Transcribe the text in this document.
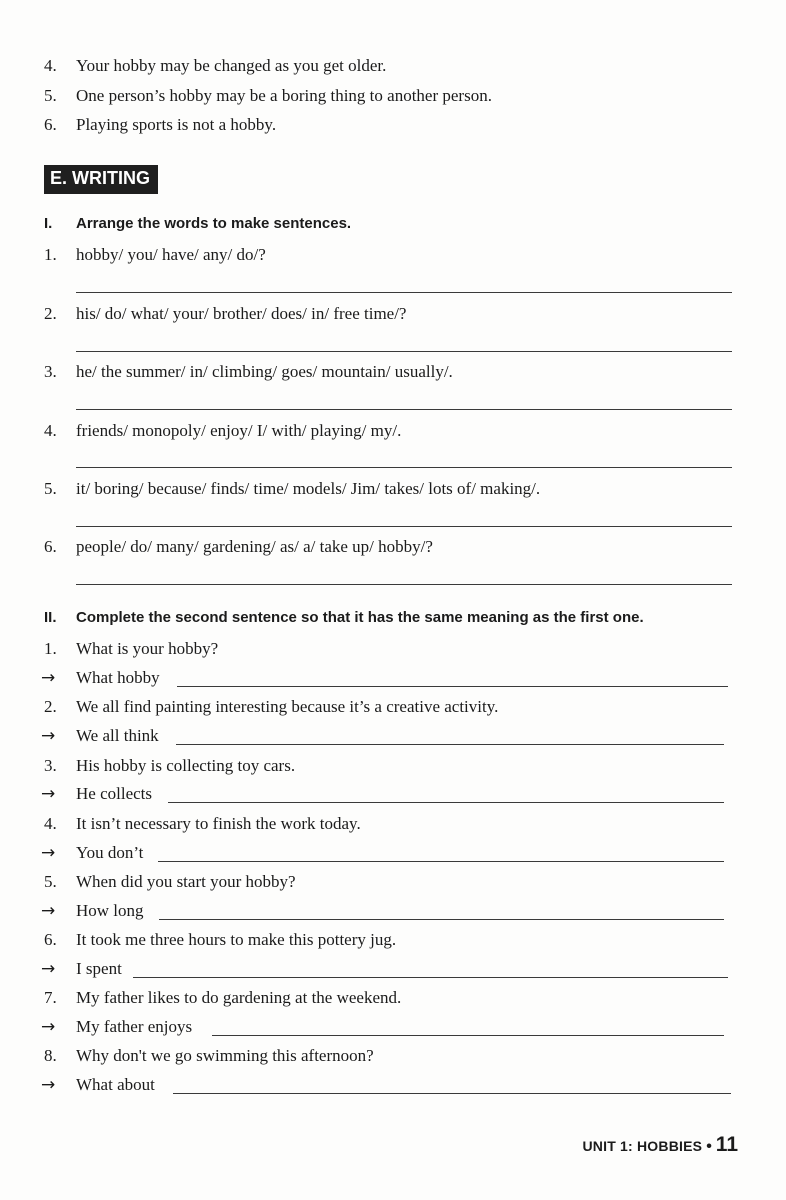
4. Your hobby may be changed as you get older.
5. One person’s hobby may be a boring thing to another person.
6. Playing sports is not a hobby.
E. WRITING
I. Arrange the words to make sentences.
1. hobby/ you/ have/ any/ do/?
2. his/ do/ what/ your/ brother/ does/ in/ free time/?
3. he/ the summer/ in/ climbing/ goes/ mountain/ usually/.
4. friends/ monopoly/ enjoy/ I/ with/ playing/ my/.
5. it/ boring/ because/ finds/ time/ models/ Jim/ takes/ lots of/ making/.
6. people/ do/ many/ gardening/ as/ a/ take up/ hobby/?
II. Complete the second sentence so that it has the same meaning as the first one.
1. What is your hobby?
→ What hobby
2. We all find painting interesting because it’s a creative activity.
→ We all think
3. His hobby is collecting toy cars.
→ He collects
4. It isn’t necessary to finish the work today.
→ You don’t
5. When did you start your hobby?
→ How long
6. It took me three hours to make this pottery jug.
→ I spent
7. My father likes to do gardening at the weekend.
→ My father enjoys
8. Why don't we go swimming this afternoon?
→ What about
UNIT 1: HOBBIES • 11
